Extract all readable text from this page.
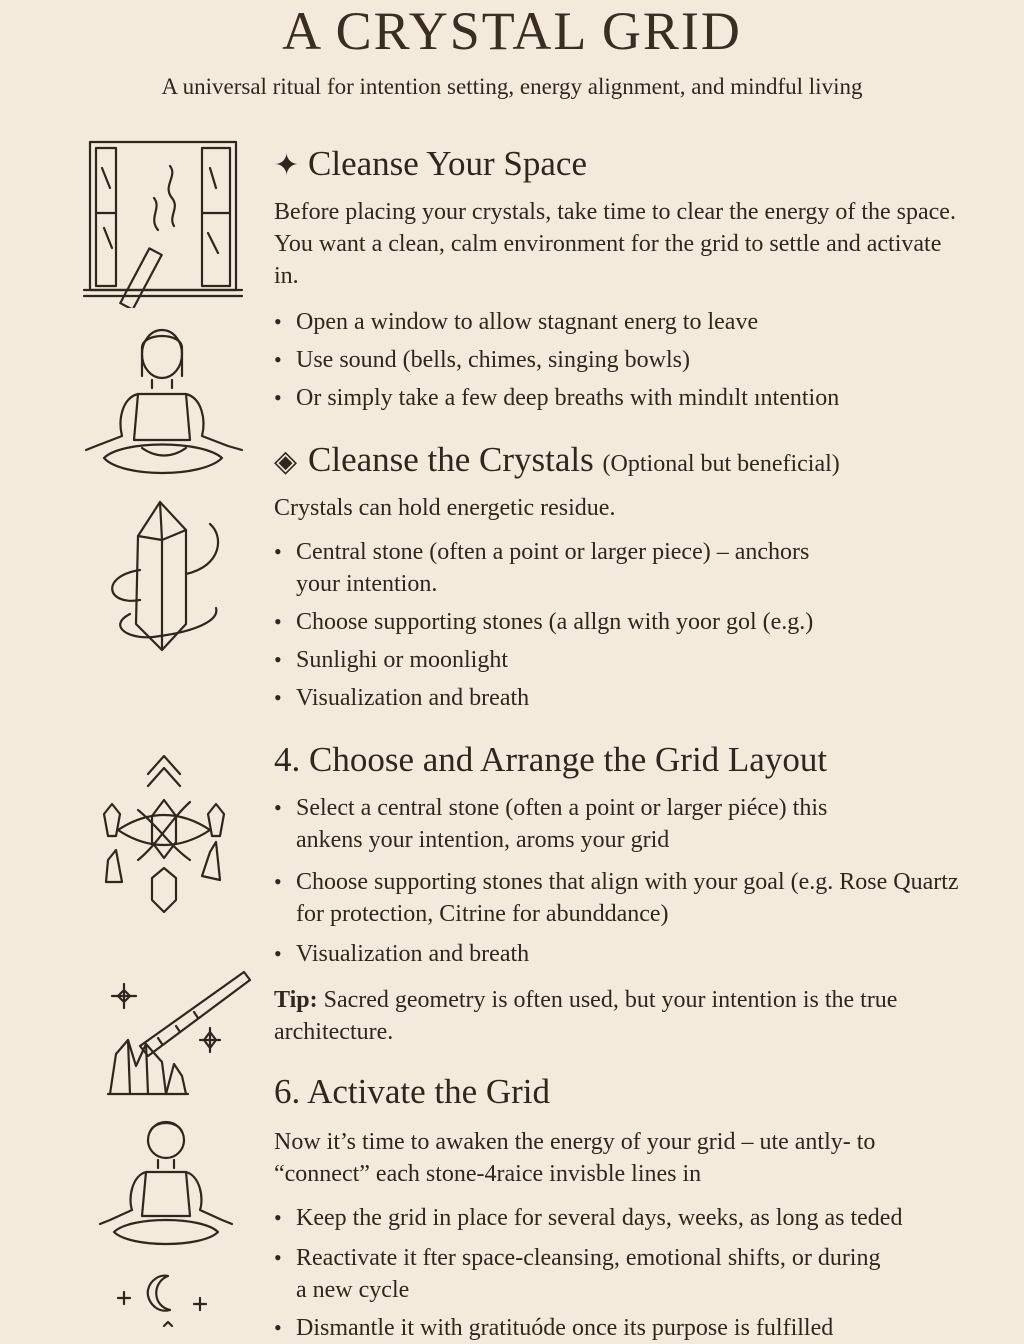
A CRYSTAL GRID
A universal ritual for intention setting, energy alignment, and mindful living
✦ Cleanse Your Space
Before placing your crystals, take time to clear the energy of the space. You want a clean, calm environment for the grid to settle and activate in.
• Open a window to allow stagnant energ to leave
• Use sound (bells, chimes, singing bowls)
• Or simply take a few deep breaths with mindılt ıntention
◈ Cleanse the Crystals (Optional but beneficial)
Crystals can hold energetic residue.
• Central stone (often a point or larger piece) – anchors your intention.
• Choose supporting stones (a allgn with yoor gol (e.g.)
• Sunlighi or moonlight
• Visualization and breath
4. Choose and Arrange the Grid Layout
• Select a central stone (often a point or larger piéce) this ankens your intention, aroms your grid
• Choose supporting stones that align with your goal (e.g. Rose Quartz for protection, Citrine for abunddance)
• Visualization and breath
Tip: Sacred geometry is often used, but your intention is the true architecture.
6. Activate the Grid
Now it’s time to awaken the energy of your grid – ute antly- to “connect” each stone-4raice invisble lines in
• Keep the grid in place for several days, weeks, as long as teded
• Reactivate it fter space-cleansing, emotional shifts, or during a new cycle
• Dismantle it with gratituóde once its purpose is fulfilled
